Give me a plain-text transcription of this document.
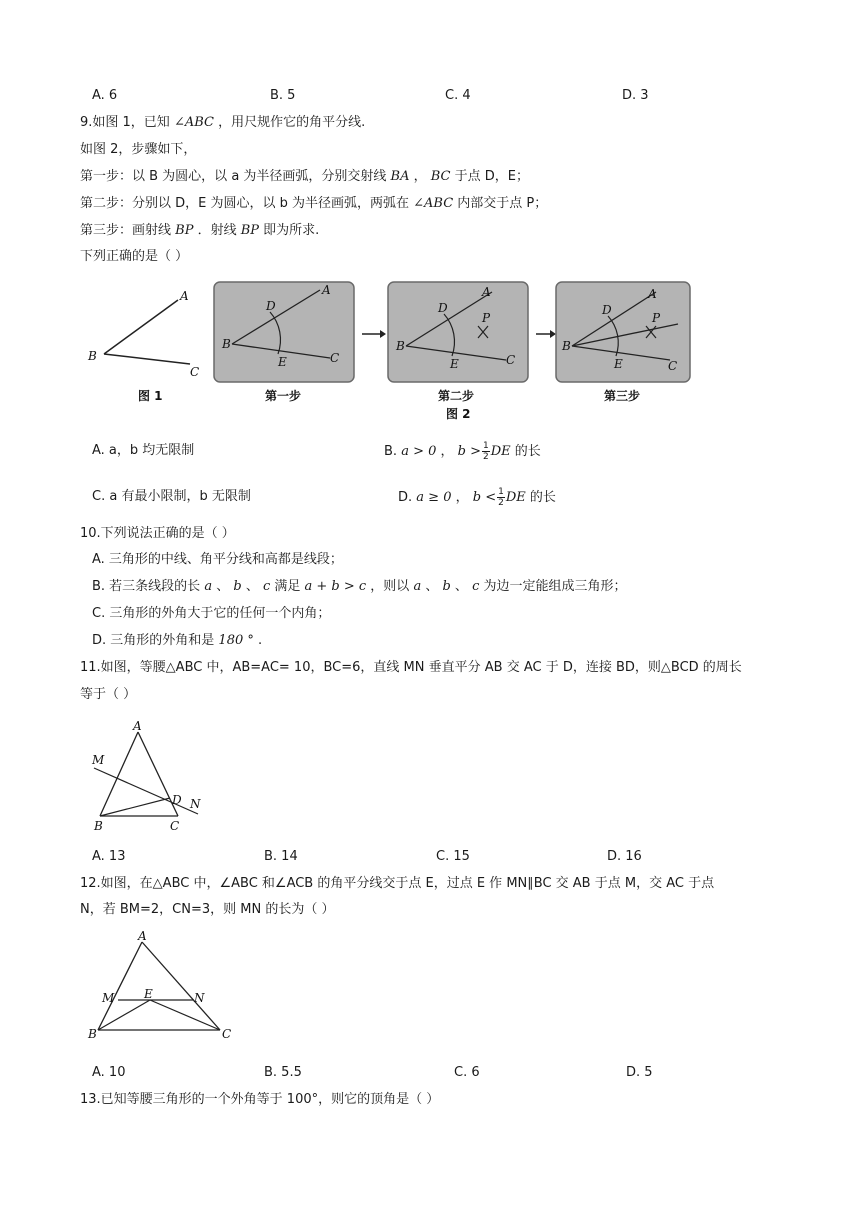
A. 6	B. 5	C. 4	D. 3
9.如图 1，已知 ∠ABC ，用尺规作它的角平分线.
如图 2，步骤如下，
第一步：以 B 为圆心，以 a 为半径画弧，分别交射线 BA ， BC 于点 D，E；
第二步：分别以 D，E 为圆心，以 b 为半径画弧，两弧在 ∠ABC 内部交于点 P；
第三步：画射线 BP ．射线 BP 即为所求.
下列正确的是（ ）
A
B
C
图 1
A
B
C
D
E
第一步
A
B
C
D
E
P
第二步
图 2
A
B
C
D
E
P
第三步
A. a，b 均无限制	B. a > 0 ， $b > \frac{1}{2}$ DE 的长
C. a 有最小限制，b 无限制	D. a ≥ 0 ， $b < \frac{1}{2}$ DE 的长
10.下列说法正确的是（ ）
A. 三角形的中线、角平分线和高都是线段；
B. 若三条线段的长 a 、 b 、 c 满足 a + b > c ，则以 a 、 b 、 c 为边一定能组成三角形；
C. 三角形的外角大于它的任何一个内角；
D. 三角形的外角和是 180 ° .
11.如图，等腰△ABC 中，AB=AC= 10，BC=6，直线 MN 垂直平分 AB 交 AC 于 D，连接 BD，则△BCD 的周长
等于（ ）
A
M
D N
B	C
A. 13	B. 14	C. 15	D. 16
12.如图，在△ABC 中，∠ABC 和∠ACB 的角平分线交于点 E，过点 E 作 MN∥BC 交 AB 于点 M，交 AC 于点
N，若 BM=2，CN=3，则 MN 的长为（ ）
A
M E	N
B	C
A. 10	B. 5.5	C. 6	D. 5
13.已知等腰三角形的一个外角等于 100°，则它的顶角是（ ）
